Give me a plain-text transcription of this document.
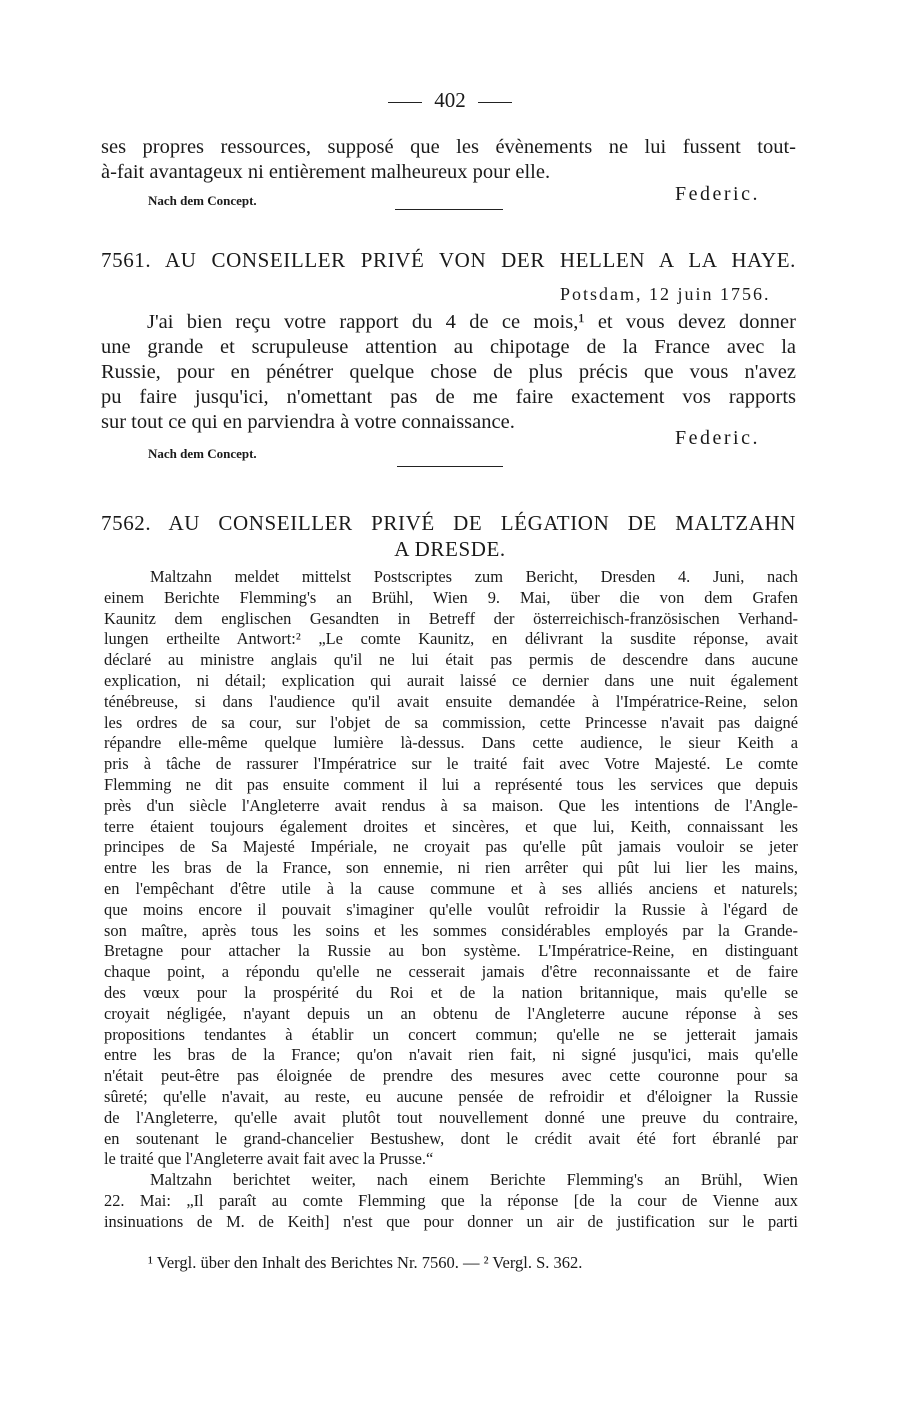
402
ses propres ressources, supposé que les évènements ne lui fussent tout-
à-fait avantageux ni entièrement malheureux pour elle.
Nach dem Concept.	Federic.
7561. AU CONSEILLER PRIVÉ VON DER HELLEN A LA HAYE.
Potsdam, 12 juin 1756.
J'ai bien reçu votre rapport du 4 de ce mois,¹ et vous devez donner
une grande et scrupuleuse attention au chipotage de la France avec la
Russie, pour en pénétrer quelque chose de plus précis que vous n'avez
pu faire jusqu'ici, n'omettant pas de me faire exactement vos rapports
sur tout ce qui en parviendra à votre connaissance.
Federic.
Nach dem Concept.
7562. AU CONSEILLER PRIVÉ DE LÉGATION DE MALTZAHN
A DRESDE.
Maltzahn meldet mittelst Postscriptes zum Bericht, Dresden 4. Juni, nach
einem Berichte Flemming's an Brühl, Wien 9. Mai, über die von dem Grafen
Kaunitz dem englischen Gesandten in Betreff der österreichisch-französischen Verhand-
lungen ertheilte Antwort:² „Le comte Kaunitz, en délivrant la susdite réponse, avait
déclaré au ministre anglais qu'il ne lui était pas permis de descendre dans aucune
explication, ni détail; explication qui aurait laissé ce dernier dans une nuit également
ténébreuse, si dans l'audience qu'il avait ensuite demandée à l'Impératrice-Reine, selon
les ordres de sa cour, sur l'objet de sa commission, cette Princesse n'avait pas daigné
répandre elle-même quelque lumière là-dessus. Dans cette audience, le sieur Keith a
pris à tâche de rassurer l'Impératrice sur le traité fait avec Votre Majesté. Le comte
Flemming ne dit pas ensuite comment il lui a représenté tous les services que depuis
près d'un siècle l'Angleterre avait rendus à sa maison. Que les intentions de l'Angle-
terre étaient toujours également droites et sincères, et que lui, Keith, connaissant les
principes de Sa Majesté Impériale, ne croyait pas qu'elle pût jamais vouloir se jeter
entre les bras de la France, son ennemie, ni rien arrêter qui pût lui lier les mains,
en l'empêchant d'être utile à la cause commune et à ses alliés anciens et naturels;
que moins encore il pouvait s'imaginer qu'elle voulût refroidir la Russie à l'égard de
son maître, après tous les soins et les sommes considérables employés par la Grande-
Bretagne pour attacher la Russie au bon système. L'Impératrice-Reine, en distinguant
chaque point, a répondu qu'elle ne cesserait jamais d'être reconnaissante et de faire
des vœux pour la prospérité du Roi et de la nation britannique, mais qu'elle se
croyait négligée, n'ayant depuis un an obtenu de l'Angleterre aucune réponse à ses
propositions tendantes à établir un concert commun; qu'elle ne se jetterait jamais
entre les bras de la France; qu'on n'avait rien fait, ni signé jusqu'ici, mais qu'elle
n'était peut-être pas éloignée de prendre des mesures avec cette couronne pour sa
sûreté; qu'elle n'avait, au reste, eu aucune pensée de refroidir et d'éloigner la Russie
de l'Angleterre, qu'elle avait plutôt tout nouvellement donné une preuve du contraire,
en soutenant le grand-chancelier Bestushew, dont le crédit avait été fort ébranlé par
le traité que l'Angleterre avait fait avec la Prusse.“
Maltzahn berichtet weiter, nach einem Berichte Flemming's an Brühl, Wien
22. Mai: „Il paraît au comte Flemming que la réponse [de la cour de Vienne aux
insinuations de M. de Keith] n'est que pour donner un air de justification sur le parti
¹ Vergl. über den Inhalt des Berichtes Nr. 7560. — ² Vergl. S. 362.
